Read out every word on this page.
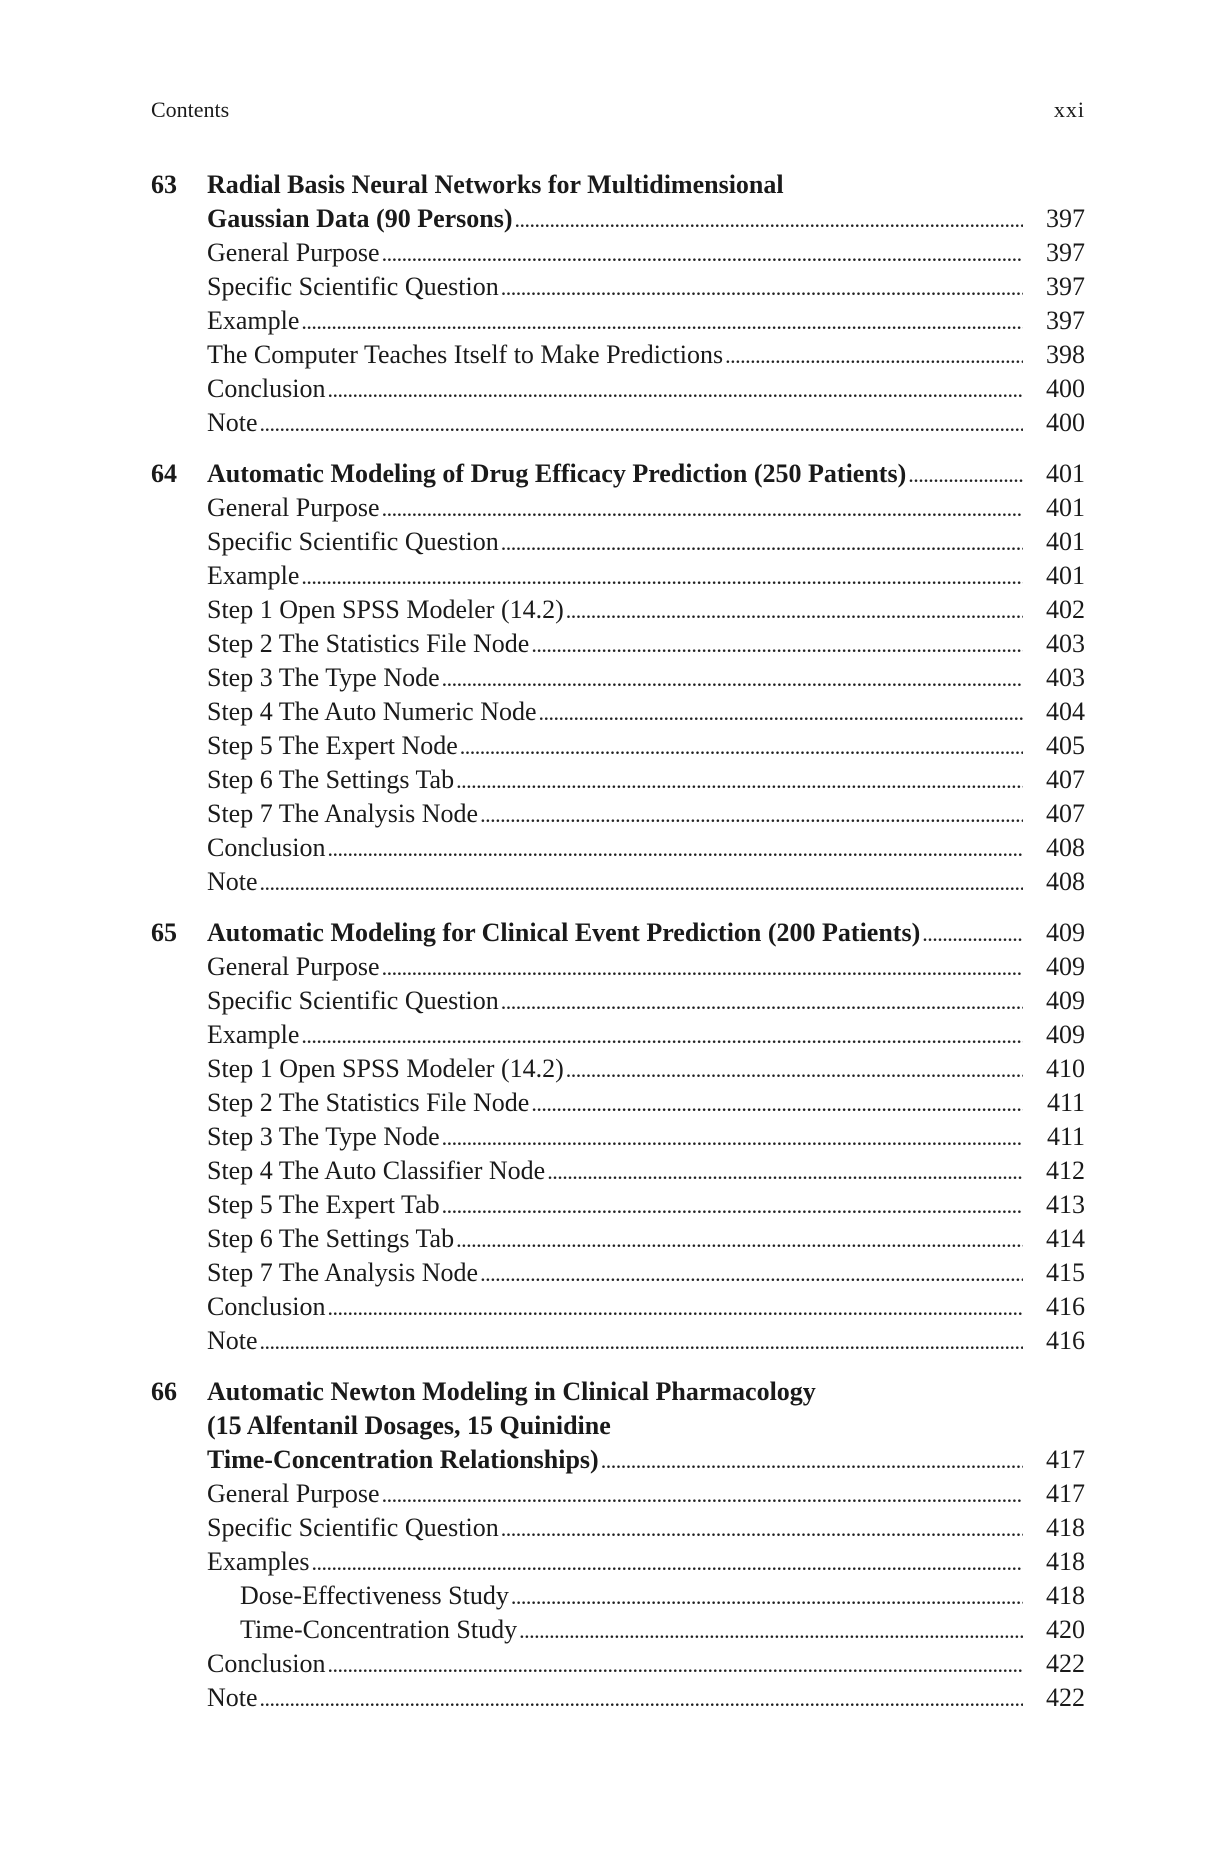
Contents	xxi
63 Radial Basis Neural Networks for Multidimensional
Gaussian Data (90 Persons) . . .	397
General Purpose . . .	397
Specific Scientific Question . . .	397
Example . . .	397
The Computer Teaches Itself to Make Predictions . . .	398
Conclusion . . .	400
Note . . .	400
64 Automatic Modeling of Drug Efficacy Prediction (250 Patients) . . .	401
General Purpose . . .	401
Specific Scientific Question . . .	401
Example . . .	401
Step 1 Open SPSS Modeler (14.2) . . .	402
Step 2 The Statistics File Node . . .	403
Step 3 The Type Node . . .	403
Step 4 The Auto Numeric Node . . .	404
Step 5 The Expert Node . . .	405
Step 6 The Settings Tab . . .	407
Step 7 The Analysis Node . . .	407
Conclusion . . .	408
Note . . .	408
65 Automatic Modeling for Clinical Event Prediction (200 Patients) . . .	409
General Purpose . . .	409
Specific Scientific Question . . .	409
Example . . .	409
Step 1 Open SPSS Modeler (14.2) . . .	410
Step 2 The Statistics File Node . . .	411
Step 3 The Type Node . . .	411
Step 4 The Auto Classifier Node . . .	412
Step 5 The Expert Tab . . .	413
Step 6 The Settings Tab . . .	414
Step 7 The Analysis Node . . .	415
Conclusion . . .	416
Note . . .	416
66 Automatic Newton Modeling in Clinical Pharmacology
(15 Alfentanil Dosages, 15 Quinidine
Time-Concentration Relationships) . . .	417
General Purpose . . .	417
Specific Scientific Question . . .	418
Examples . . .	418
Dose-Effectiveness Study . . .	418
Time-Concentration Study . . .	420
Conclusion . . .	422
Note . . .	422
